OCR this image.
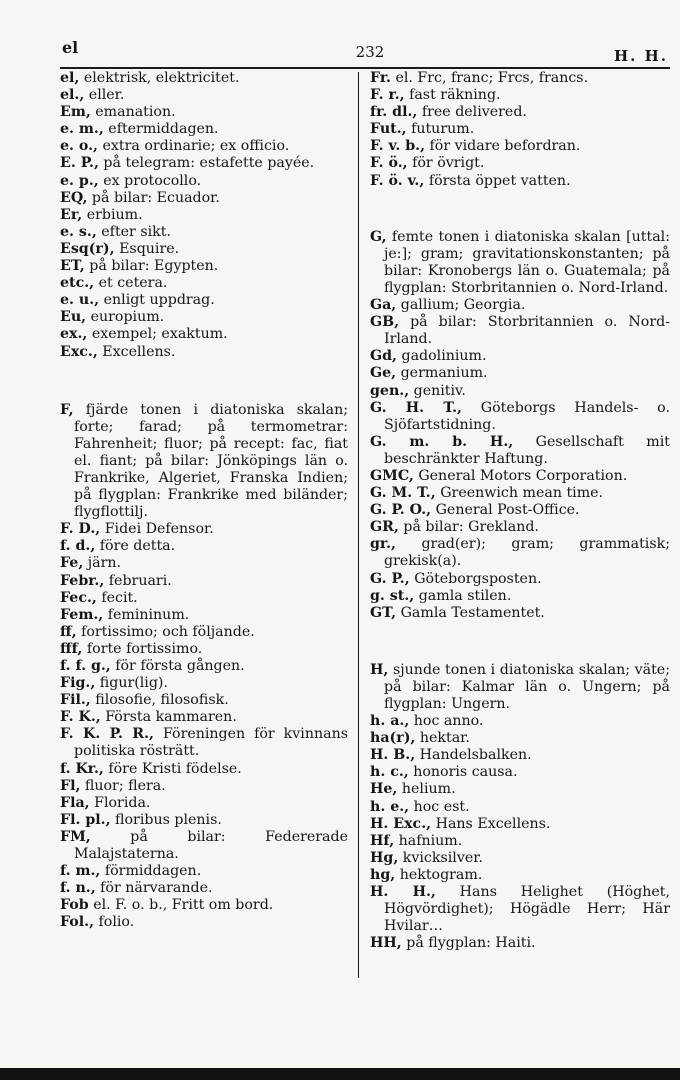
el	232	H. H.
el, elektrisk, elektricitet.
el., eller.
Em, emanation.
e. m., eftermiddagen.
e. o., extra ordinarie; ex officio.
E. P., på telegram: estafette payée.
e. p., ex protocollo.
EQ, på bilar: Ecuador.
Er, erbium.
e. s., efter sikt.
Esq(r), Esquire.
ET, på bilar: Egypten.
etc., et cetera.
e. u., enligt uppdrag.
Eu, europium.
ex., exempel; exaktum.
Exc., Excellens.
F, fjärde tonen i diatoniska skalan; forte; farad; på termometrar: Fahrenheit; fluor; på recept: fac, fiat el. fiant; på bilar: Jönköpings län o. Frankrike, Algeriet, Franska Indien; på flygplan: Frankrike med biländer; flygflottilj.
F. D., Fidei Defensor.
f. d., före detta.
Fe, järn.
Febr., februari.
Fec., fecit.
Fem., femininum.
ff, fortissimo; och följande.
fff, forte fortissimo.
f. f. g., för första gången.
Fig., figur(lig).
Fil., filosofie, filosofisk.
F. K., Första kammaren.
F. K. P. R., Föreningen för kvinnans politiska rösträtt.
f. Kr., före Kristi födelse.
Fl, fluor; flera.
Fla, Florida.
Fl. pl., floribus plenis.
FM, på bilar: Federerade Malajstaterna.
f. m., förmiddagen.
f. n., för närvarande.
Fob el. F. o. b., Fritt om bord.
Fol., folio.
Fr. el. Frc, franc; Frcs, francs.
F. r., fast räkning.
fr. dl., free delivered.
Fut., futurum.
F. v. b., för vidare befordran.
F. ö., för övrigt.
F. ö. v., första öppet vatten.
G, femte tonen i diatoniska skalan [uttal: je:]; gram; gravitationskonstanten; på bilar: Kronobergs län o. Guatemala; på flygplan: Storbritannien o. Nord-Irland.
Ga, gallium; Georgia.
GB, på bilar: Storbritannien o. Nord-Irland.
Gd, gadolinium.
Ge, germanium.
gen., genitiv.
G. H. T., Göteborgs Handels- o. Sjöfartstidning.
G. m. b. H., Gesellschaft mit beschränkter Haftung.
GMC, General Motors Corporation.
G. M. T., Greenwich mean time.
G. P. O., General Post-Office.
GR, på bilar: Grekland.
gr., grad(er); gram; grammatisk; grekisk(a).
G. P., Göteborgsposten.
g. st., gamla stilen.
GT, Gamla Testamentet.
H, sjunde tonen i diatoniska skalan; väte; på bilar: Kalmar län o. Ungern; på flygplan: Ungern.
h. a., hoc anno.
ha(r), hektar.
H. B., Handelsbalken.
h. c., honoris causa.
He, helium.
h. e., hoc est.
H. Exc., Hans Excellens.
Hf, hafnium.
Hg, kvicksilver.
hg, hektogram.
H. H., Hans Helighet (Höghet, Högvördighet); Högädle Herr; Här Hvilar…
HH, på flygplan: Haiti.
